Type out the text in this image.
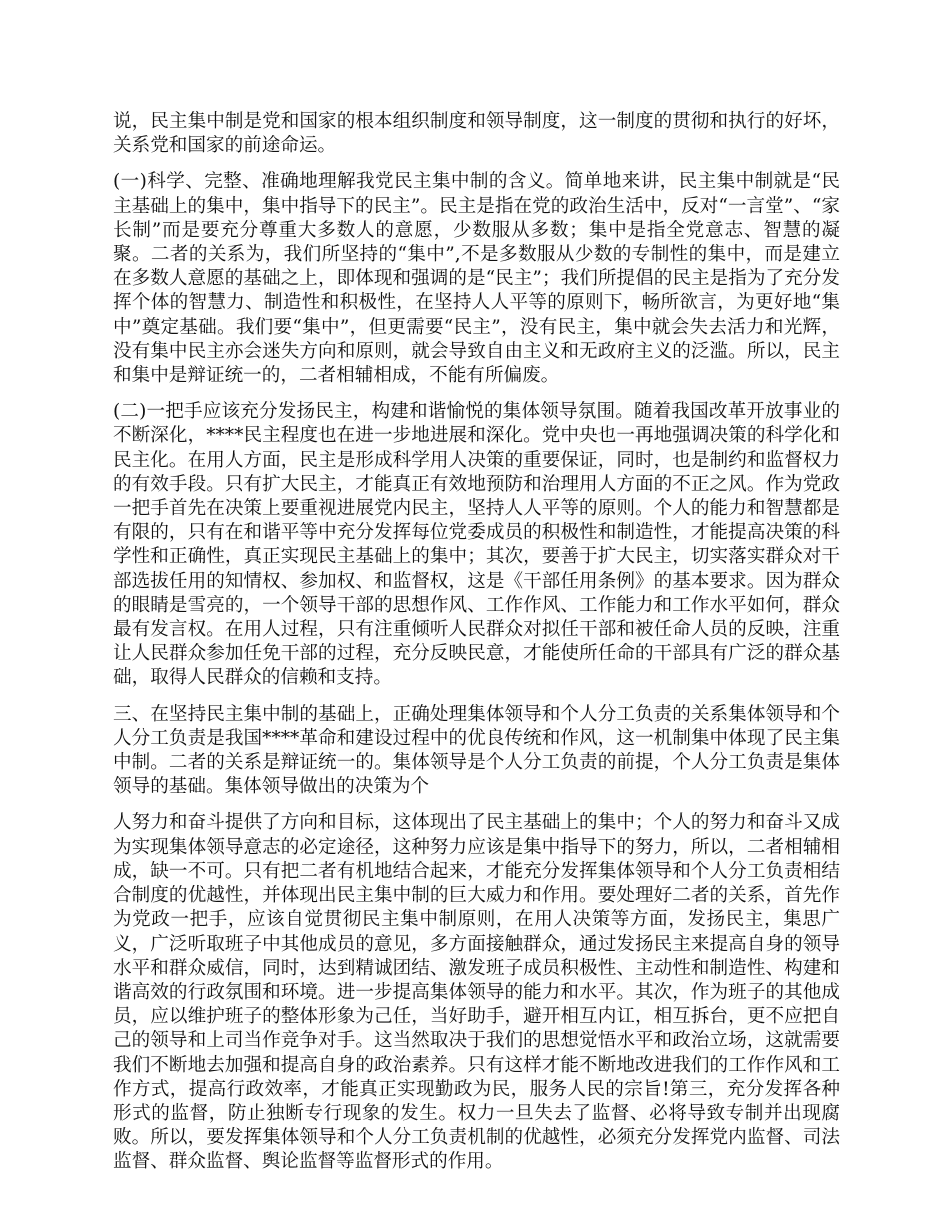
说，民主集中制是党和国家的根本组织制度和领导制度，这一制度的贯彻和执行的好坏，关系党和国家的前途命运。

(一)科学、完整、准确地理解我党民主集中制的含义。简单地来讲，民主集中制就是“民主基础上的集中，集中指导下的民主”。民主是指在党的政治生活中，反对“一言堂”、“家长制”而是要充分尊重大多数人的意愿，少数服从多数；集中是指全党意志、智慧的凝聚。二者的关系为，我们所坚持的“集中”,不是多数服从少数的专制性的集中，而是建立在多数人意愿的基础之上，即体现和强调的是“民主”；我们所提倡的民主是指为了充分发挥个体的智慧力、制造性和积极性，在坚持人人平等的原则下，畅所欲言，为更好地“集中”奠定基础。我们要“集中”，但更需要“民主”，没有民主，集中就会失去活力和光辉，没有集中民主亦会迷失方向和原则，就会导致自由主义和无政府主义的泛滥。所以，民主和集中是辩证统一的，二者相辅相成，不能有所偏废。

(二)一把手应该充分发扬民主，构建和谐愉悦的集体领导氛围。随着我国改革开放事业的不断深化，****民主程度也在进一步地进展和深化。党中央也一再地强调决策的科学化和民主化。在用人方面，民主是形成科学用人决策的重要保证，同时，也是制约和监督权力的有效手段。只有扩大民主，才能真正有效地预防和治理用人方面的不正之风。作为党政一把手首先在决策上要重视进展党内民主，坚持人人平等的原则。个人的能力和智慧都是有限的，只有在和谐平等中充分发挥每位党委成员的积极性和制造性，才能提高决策的科学性和正确性，真正实现民主基础上的集中；其次，要善于扩大民主，切实落实群众对干部选拔任用的知情权、参加权、和监督权，这是《干部任用条例》的基本要求。因为群众的眼睛是雪亮的，一个领导干部的思想作风、工作作风、工作能力和工作水平如何，群众最有发言权。在用人过程，只有注重倾听人民群众对拟任干部和被任命人员的反映，注重让人民群众参加任免干部的过程，充分反映民意，才能使所任命的干部具有广泛的群众基础，取得人民群众的信赖和支持。

三、在坚持民主集中制的基础上，正确处理集体领导和个人分工负责的关系集体领导和个人分工负责是我国****革命和建设过程中的优良传统和作风，这一机制集中体现了民主集中制。二者的关系是辩证统一的。集体领导是个人分工负责的前提，个人分工负责是集体领导的基础。集体领导做出的决策为个

人努力和奋斗提供了方向和目标，这体现出了民主基础上的集中；个人的努力和奋斗又成为实现集体领导意志的必定途径，这种努力应该是集中指导下的努力，所以，二者相辅相成，缺一不可。只有把二者有机地结合起来，才能充分发挥集体领导和个人分工负责相结合制度的优越性，并体现出民主集中制的巨大威力和作用。要处理好二者的关系，首先作为党政一把手，应该自觉贯彻民主集中制原则，在用人决策等方面，发扬民主，集思广义，广泛听取班子中其他成员的意见，多方面接触群众，通过发扬民主来提高自身的领导水平和群众威信，同时，达到精诚团结、激发班子成员积极性、主动性和制造性、构建和谐高效的行政氛围和环境。进一步提高集体领导的能力和水平。其次，作为班子的其他成员，应以维护班子的整体形象为己任，当好助手，避开相互内讧，相互拆台，更不应把自己的领导和上司当作竞争对手。这当然取决于我们的思想觉悟水平和政治立场，这就需要我们不断地去加强和提高自身的政治素养。只有这样才能不断地改进我们的工作作风和工作方式，提高行政效率，才能真正实现勤政为民，服务人民的宗旨!第三，充分发挥各种形式的监督，防止独断专行现象的发生。权力一旦失去了监督、必将导致专制并出现腐败。所以，要发挥集体领导和个人分工负责机制的优越性，必须充分发挥党内监督、司法监督、群众监督、舆论监督等监督形式的作用。
